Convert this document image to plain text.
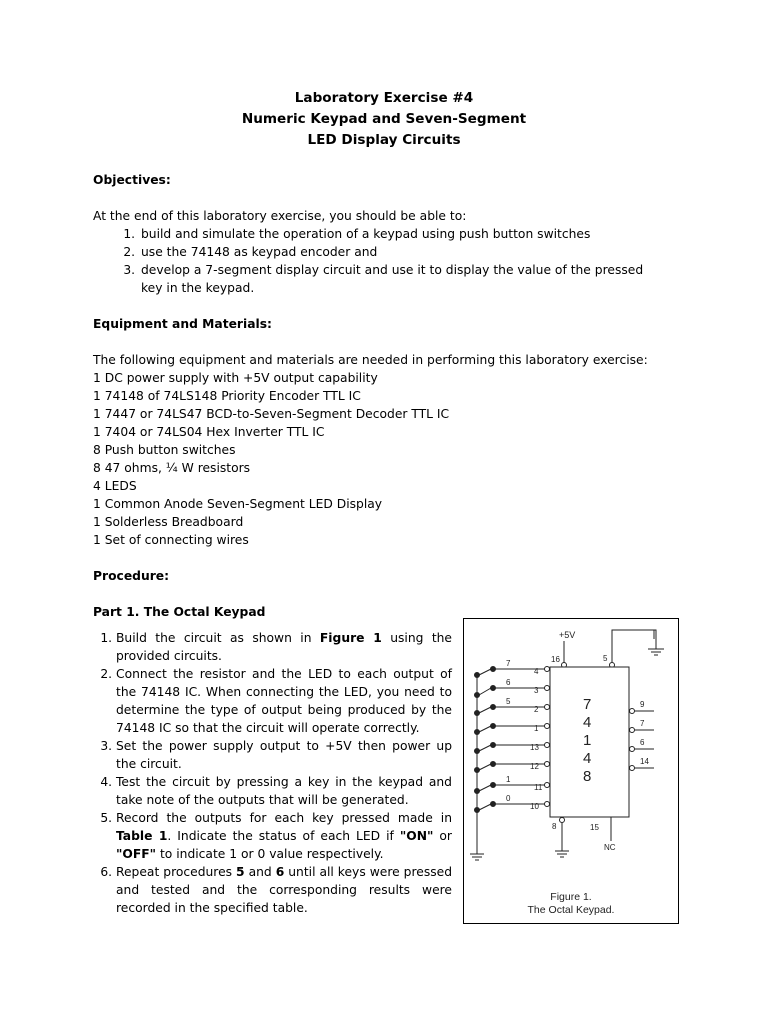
Laboratory Exercise #4
Numeric Keypad and Seven-Segment
LED Display Circuits
Objectives:
At the end of this laboratory exercise, you should be able to:
1. build and simulate the operation of a keypad using push button switches
2. use the 74148 as keypad encoder and
3. develop a 7-segment display circuit and use it to display the value of the pressed key in the keypad.
Equipment and Materials:
The following equipment and materials are needed in performing this laboratory exercise:
1 DC power supply with +5V output capability
1 74148 of 74LS148 Priority Encoder TTL IC
1 7447 or 74LS47 BCD-to-Seven-Segment Decoder TTL IC
1 7404 or 74LS04 Hex Inverter TTL IC
8 Push button switches
8 47 ohms, ¼ W resistors
4 LEDS
1 Common Anode Seven-Segment LED Display
1 Solderless Breadboard
1 Set of connecting wires
Procedure:
Part 1. The Octal Keypad
1. Build the circuit as shown in Figure 1 using the provided circuits.
2. Connect the resistor and the LED to each output of the 74148 IC. When connecting the LED, you need to determine the type of output being produced by the 74148 IC so that the circuit will operate correctly.
3. Set the power supply output to +5V then power up the circuit.
4. Test the circuit by pressing a key in the keypad and take note of the outputs that will be generated.
5. Record the outputs for each key pressed made in Table 1. Indicate the status of each LED if "ON" or "OFF" to indicate 1 or 0 value respectively.
6. Repeat procedures 5 and 6 until all keys were pressed and tested and the corresponding results were recorded in the specified table.
+5V
16	5
7
4
1
4
8
7
4
6
3
5
2
1
13
12
1
11
0
10
9
7
6
14
8	15
NC
Figure 1.
The Octal Keypad.
